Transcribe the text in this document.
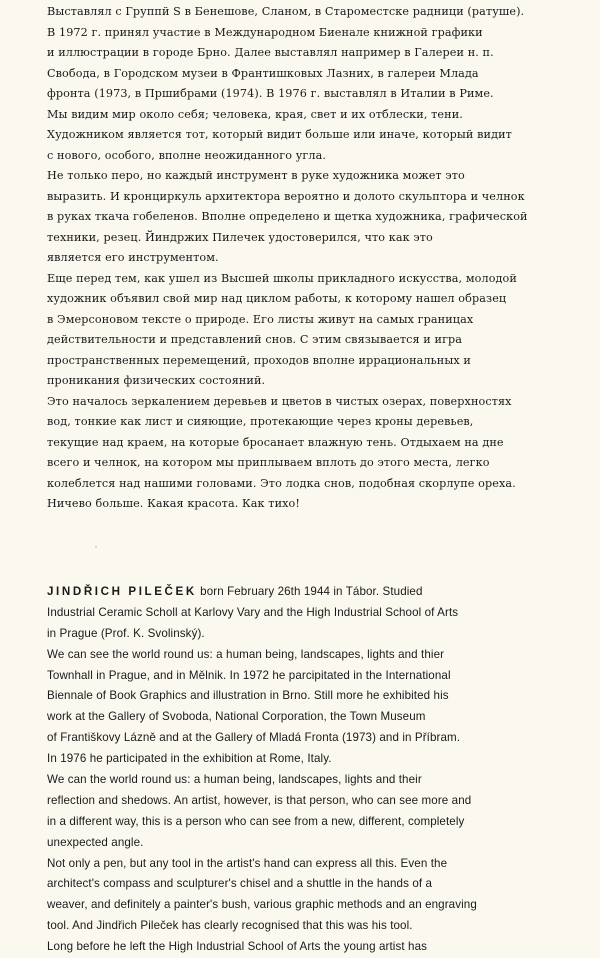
Выставлял с Группй S в Бенешове, Сланом, в Староместске радници (ратуше).
В 1972 г. принял участие в Международном Биенале книжной графики
и иллюстрации в городе Брно. Далее выставлял например в Галереи н. п.
Свобода, в Городском музеи в Франтишковых Лазних, в галереи Млада
фронта (1973, в Пршибрами (1974). В 1976 г. выставлял в Италии в Риме.
Мы видим мир около себя; человека, края, свет и их отблески, тени.
Художником является тот, который видит больше или иначе, который видит
с нового, особого, вполне неожиданного угла.
Не только перо, но каждый инструмент в руке художника может это
выразить. И кронциркуль архитектора вероятно и долото скульптора и челнок
в руках ткача гобеленов. Вполне определено и щетка художника, графической
техники, резец. Йиндржих Пилечек удостоверился, что как это
является его инструментом.
Еще перед тем, как ушел из Высшей школы прикладного искусства, молодой
художник объявил свой мир над циклом работы, к которому нашел образец
в Эмерсоновом тексте о природе. Его листы живут на самых границах
действительности и представлений снов. С этим связывается и игра
пространственных перемещений, проходов вполне иррациональных и
проникания физических состояний.
Это началось зеркалением деревьев и цветов в чистых озерах, поверхностях
вод, тонкие как лист и сияющие, протекающие через кроны деревьев,
текущие над краем, на которые бросанает влажную тень. Отдыхаем на дне
всего и челнок, на котором мы приплываем вплоть до этого места, легко
колеблется над нашими головами. Это лодка снов, подобная скорлупе ореха.
Ничево больше. Какая красота. Как тихо!
JINDŘICH PILEČEK born February 26th 1944 in Tábor. Studied
Industrial Ceramic Scholl at Karlovy Vary and the High Industrial School of Arts
in Prague (Prof. K. Svolinský).
We can see the world round us: a human being, landscapes, lights and thier
Townhall in Prague, and in Mělnik. In 1972 he parcipitated in the International
Biennale of Book Graphics and illustration in Brno. Still more he exhibited his
work at the Gallery of Svoboda, National Corporation, the Town Museum
of Františkovy Lázně and at the Gallery of Mladá Fronta (1973) and in Příbram.
In 1976 he participated in the exhibition at Rome, Italy.
We can the world round us: a human being, landscapes, lights and their
reflection and shedows. An artist, however, is that person, who can see more and
in a different way, this is a person who can see from a new, different, completely
unexpected angle.
Not only a pen, but any tool in the artist's hand can express all this. Even the
architect's compass and sculpturer's chisel and a shuttle in the hands of a
weaver, and definitely a painter's bush, various graphic methods and an engraving
tool. And Jindřich Pileček has clearly recognised that this was his tool.
Long before he left the High Industrial School of Arts the young artist has
